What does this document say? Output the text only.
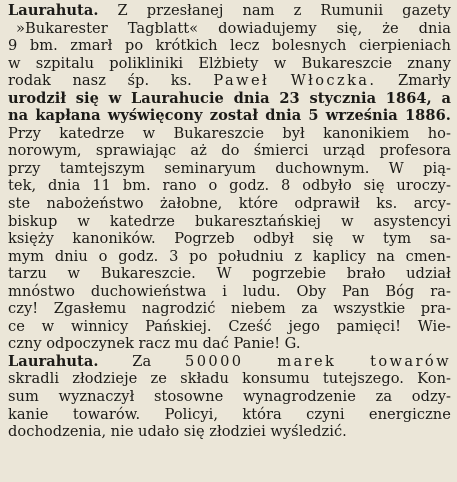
Laurahuta. Z przesłanej nam z Rumunii gazety
»Bukarester Tagblatt« dowiadujemy się, że dnia
9 bm. zmarł po krótkich lecz bolesnych cierpieniach
w szpitalu polikliniki Elżbiety w Bukareszcie znany
rodak nasz śp. ks. Paweł Włoczka. Zmarły
urodził się w Laurahucie dnia 23 stycznia 1864, a
na kapłana wyświęcony został dnia 5 września 1886.
Przy katedrze w Bukareszcie był kanonikiem ho-
norowym, sprawiając aż do śmierci urząd profesora
przy tamtejszym seminaryum duchownym. W pią-
tek, dnia 11 bm. rano o godz. 8 odbyło się uroczy-
ste nabożeństwo żałobne, które odprawił ks. arcy-
biskup w katedrze bukaresztańskiej w asystencyi
księży kanoników. Pogrzeb odbył się w tym sa-
mym dniu o godz. 3 po południu z kaplicy na cmen-
tarzu w Bukareszcie. W pogrzebie brało udział
mnóstwo duchowieństwa i ludu. Oby Pan Bóg ra-
czy! Zgasłemu nagrodzić niebem za wszystkie pra-
ce w winnicy Pańskiej. Cześć jego pamięci! Wie-
czny odpoczynek racz mu dać Panie! G.
Laurahuta. Za 50000 marek towarów
skradli złodzieje ze składu konsumu tutejszego. Kon-
sum wyznaczył stosowne wynagrodzenie za odzy-
kanie towarów. Policyi, która czyni energiczne
dochodzenia, nie udało się złodziei wyśledzić.
